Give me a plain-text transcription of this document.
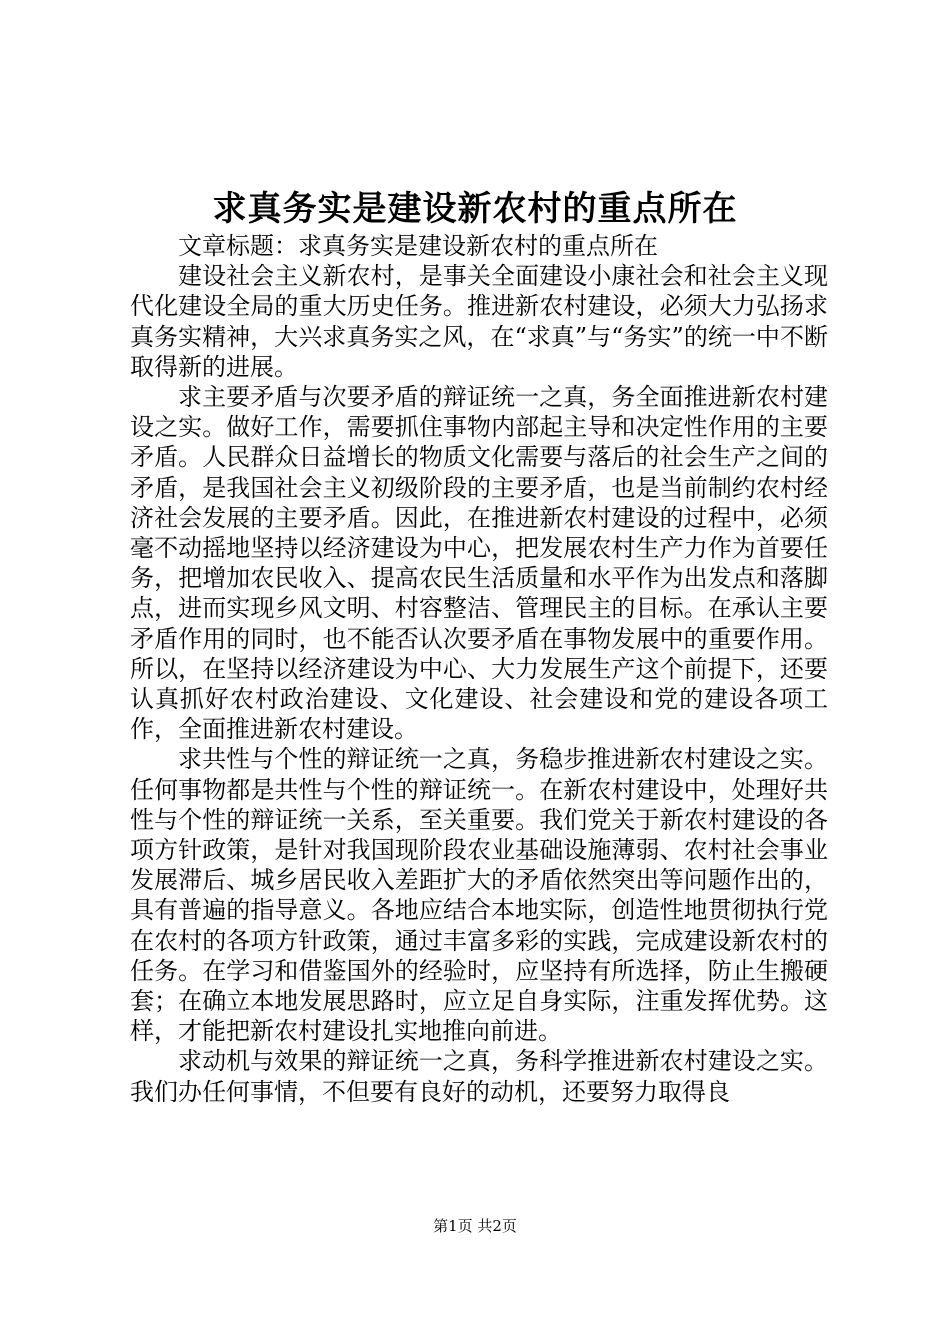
求真务实是建设新农村的重点所在

文章标题：求真务实是建设新农村的重点所在

建设社会主义新农村，是事关全面建设小康社会和社会主义现代化建设全局的重大历史任务。推进新农村建设，必须大力弘扬求真务实精神，大兴求真务实之风，在“求真”与“务实”的统一中不断取得新的进展。

求主要矛盾与次要矛盾的辩证统一之真，务全面推进新农村建设之实。做好工作，需要抓住事物内部起主导和决定性作用的主要矛盾。人民群众日益增长的物质文化需要与落后的社会生产之间的矛盾，是我国社会主义初级阶段的主要矛盾，也是当前制约农村经济社会发展的主要矛盾。因此，在推进新农村建设的过程中，必须毫不动摇地坚持以经济建设为中心，把发展农村生产力作为首要任务，把增加农民收入、提高农民生活质量和水平作为出发点和落脚点，进而实现乡风文明、村容整洁、管理民主的目标。在承认主要矛盾作用的同时，也不能否认次要矛盾在事物发展中的重要作用。所以，在坚持以经济建设为中心、大力发展生产这个前提下，还要认真抓好农村政治建设、文化建设、社会建设和党的建设各项工作，全面推进新农村建设。

求共性与个性的辩证统一之真，务稳步推进新农村建设之实。任何事物都是共性与个性的辩证统一。在新农村建设中，处理好共性与个性的辩证统一关系，至关重要。我们党关于新农村建设的各项方针政策，是针对我国现阶段农业基础设施薄弱、农村社会事业发展滞后、城乡居民收入差距扩大的矛盾依然突出等问题作出的，具有普遍的指导意义。各地应结合本地实际，创造性地贯彻执行党在农村的各项方针政策，通过丰富多彩的实践，完成建设新农村的任务。在学习和借鉴国外的经验时，应坚持有所选择，防止生搬硬套；在确立本地发展思路时，应立足自身实际，注重发挥优势。这样，才能把新农村建设扎实地推向前进。

求动机与效果的辩证统一之真，务科学推进新农村建设之实。我们办任何事情，不但要有良好的动机，还要努力取得良

第1页 共2页
